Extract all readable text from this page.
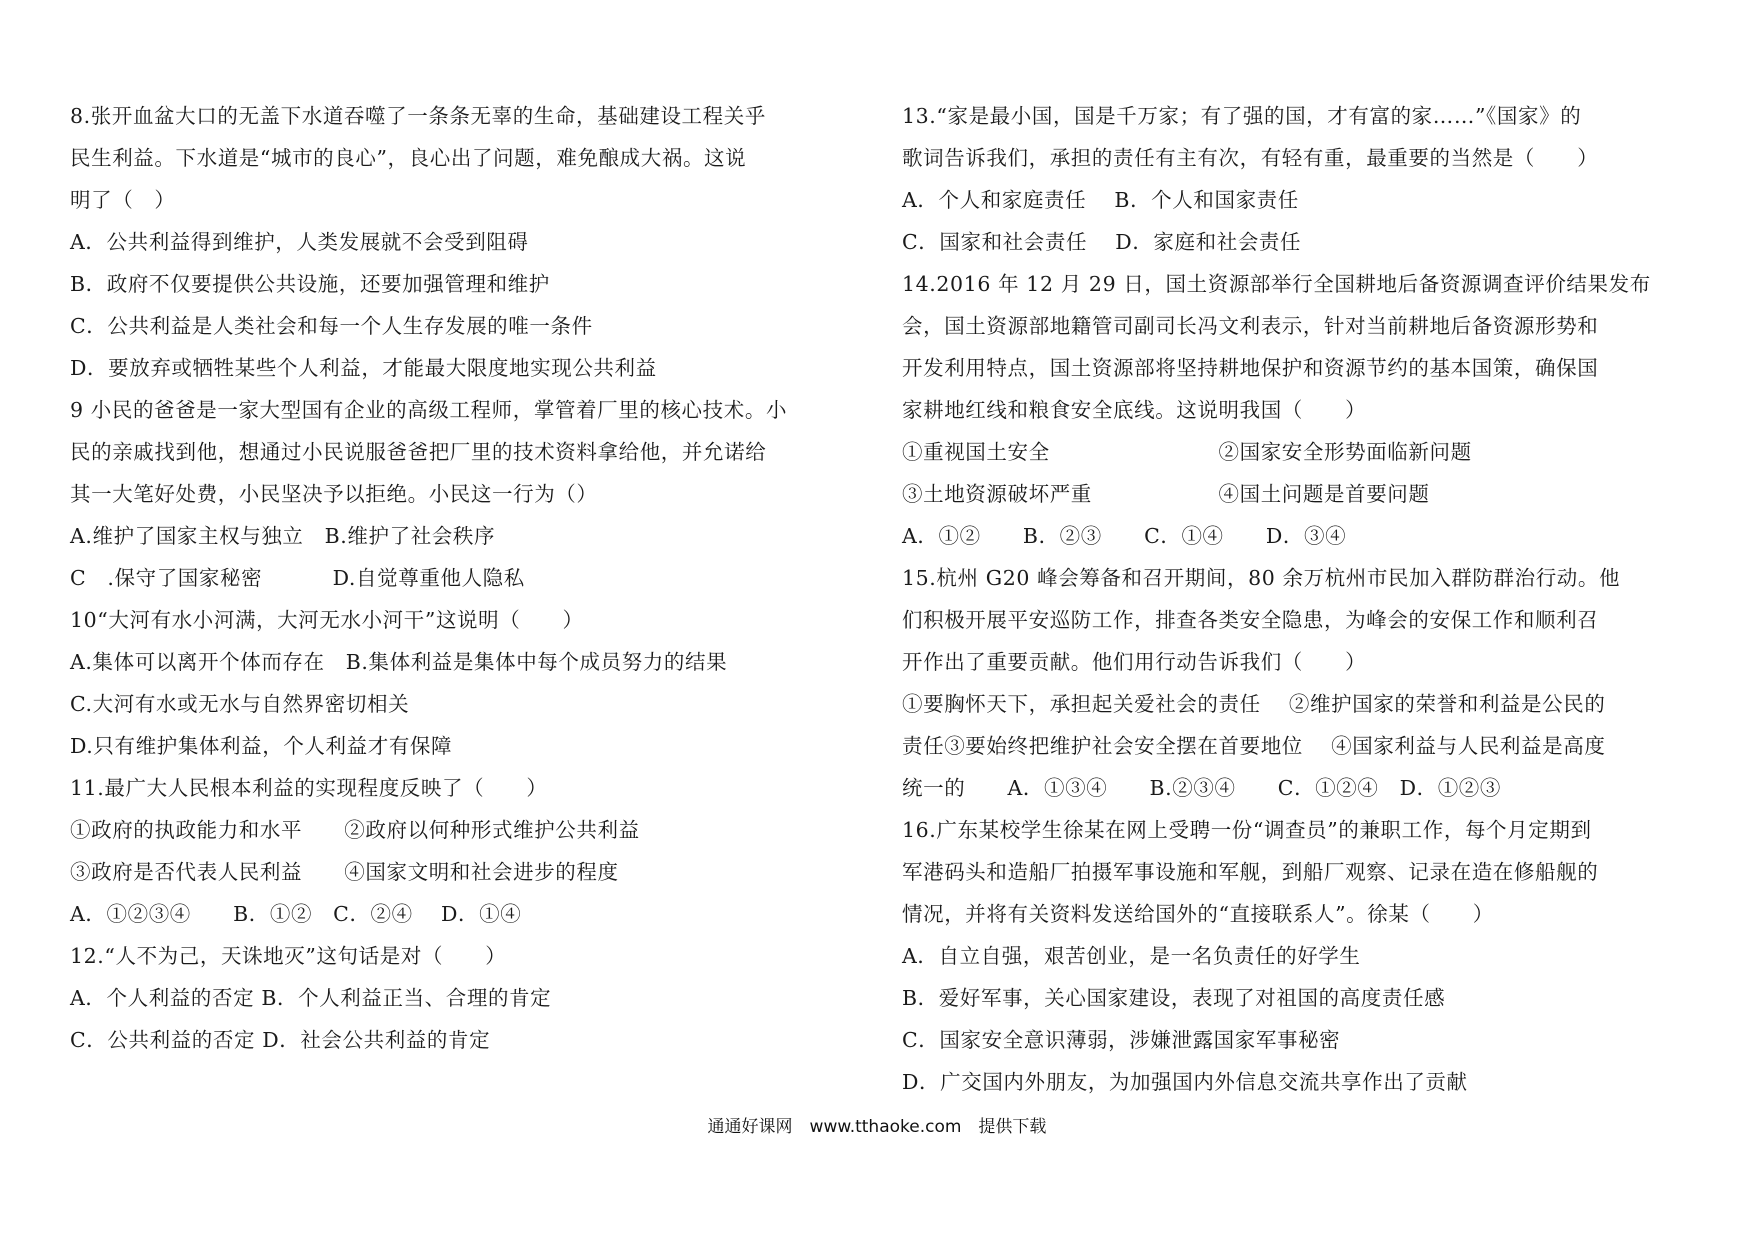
8.张开血盆大口的无盖下水道吞噬了一条条无辜的生命，基础建设工程关乎
民生利益。下水道是“城市的良心”，良心出了问题，难免酿成大祸。这说
明了（　）
A．公共利益得到维护，人类发展就不会受到阻碍
B．政府不仅要提供公共设施，还要加强管理和维护
C．公共利益是人类社会和每一个人生存发展的唯一条件
D．要放弃或牺牲某些个人利益，才能最大限度地实现公共利益
9 小民的爸爸是一家大型国有企业的高级工程师，掌管着厂里的核心技术。小
民的亲戚找到他，想通过小民说服爸爸把厂里的技术资料拿给他，并允诺给
其一大笔好处费，小民坚决予以拒绝。小民这一行为（）
A.维护了国家主权与独立　B.维护了社会秩序
C　.保守了国家秘密　　　 D.自觉尊重他人隐私
10“大河有水小河满，大河无水小河干”这说明（　　）
A.集体可以离开个体而存在　B.集体利益是集体中每个成员努力的结果
C.大河有水或无水与自然界密切相关
D.只有维护集体利益，个人利益才有保障
11.最广大人民根本利益的实现程度反映了（　　）
①政府的执政能力和水平　　②政府以何种形式维护公共利益
③政府是否代表人民利益　　④国家文明和社会进步的程度
A．①②③④　　B．①②　C．②④　 D．①④
12.“人不为己，天诛地灭”这句话是对（　　）
A．个人利益的否定 B．个人利益正当、合理的肯定
C．公共利益的否定 D．社会公共利益的肯定
13.“家是最小国，国是千万家；有了强的国，才有富的家……”《国家》的
歌词告诉我们，承担的责任有主有次，有轻有重，最重要的当然是（　　）
A．个人和家庭责任　 B．个人和国家责任
C．国家和社会责任　 D．家庭和社会责任
14.2016 年 12 月 29 日，国土资源部举行全国耕地后备资源调查评价结果发布
会，国土资源部地籍管司副司长冯文利表示，针对当前耕地后备资源形势和
开发利用特点，国土资源部将坚持耕地保护和资源节约的基本国策，确保国
家耕地红线和粮食安全底线。这说明我国（　　）
①重视国土安全　　　　　　　　②国家安全形势面临新问题
③土地资源破坏严重　　　　　　④国土问题是首要问题
A．①②　　B．②③　　C．①④　　D．③④
15.杭州 G20 峰会筹备和召开期间，80 余万杭州市民加入群防群治行动。他
们积极开展平安巡防工作，排查各类安全隐患，为峰会的安保工作和顺利召
开作出了重要贡献。他们用行动告诉我们（　　）
①要胸怀天下，承担起关爱社会的责任　 ②维护国家的荣誉和利益是公民的
责任③要始终把维护社会安全摆在首要地位　 ④国家利益与人民利益是高度
统一的　　A．①③④　　B.②③④　　C．①②④　D．①②③
16.广东某校学生徐某在网上受聘一份“调查员”的兼职工作，每个月定期到
军港码头和造船厂拍摄军事设施和军舰，到船厂观察、记录在造在修船舰的
情况，并将有关资料发送给国外的“直接联系人”。徐某（　　）
A．自立自强，艰苦创业，是一名负责任的好学生
B．爱好军事，关心国家建设，表现了对祖国的高度责任感
C．国家安全意识薄弱，涉嫌泄露国家军事秘密
D．广交国内外朋友，为加强国内外信息交流共享作出了贡献
通通好课网　www.tthaoke.com　提供下载
